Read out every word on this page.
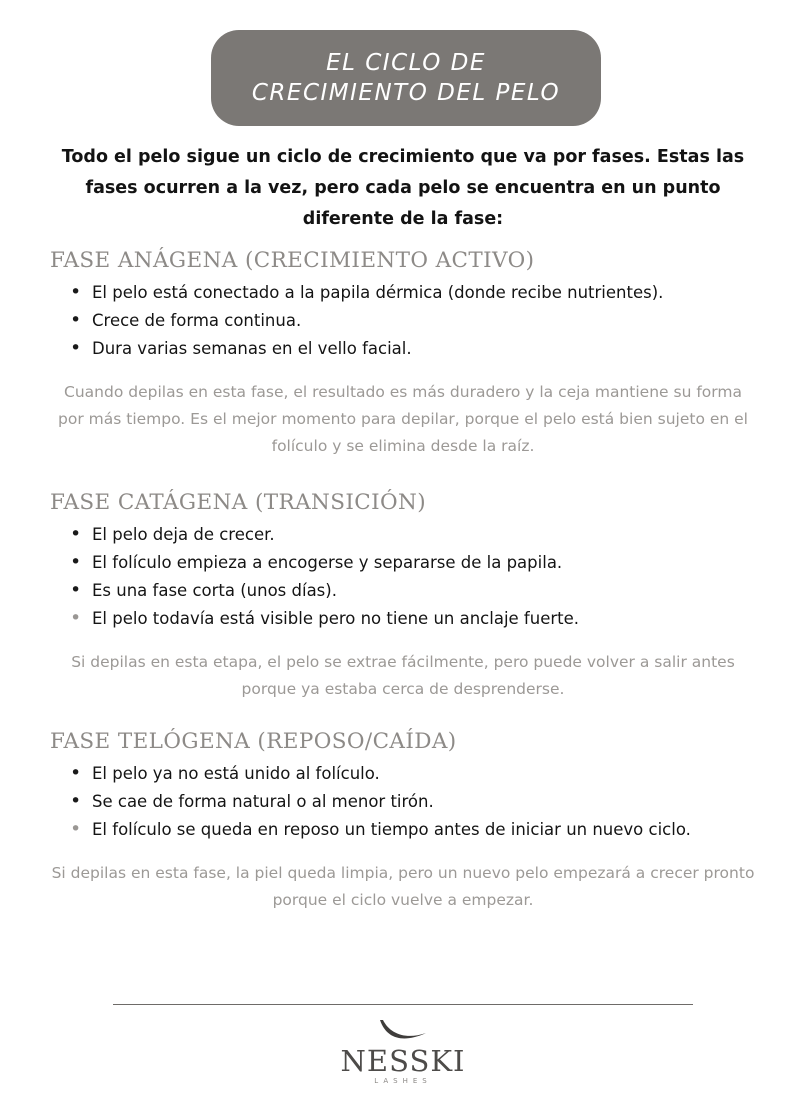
EL CICLO DE
CRECIMIENTO DEL PELO
Todo el pelo sigue un ciclo de crecimiento que va por fases. Estas las fases ocurren a la vez, pero cada pelo se encuentra en un punto diferente de la fase:
FASE ANÁGENA (CRECIMIENTO ACTIVO)
• El pelo está conectado a la papila dérmica (donde recibe nutrientes).
• Crece de forma continua.
• Dura varias semanas en el vello facial.
Cuando depilas en esta fase, el resultado es más duradero y la ceja mantiene su forma por más tiempo. Es el mejor momento para depilar, porque el pelo está bien sujeto en el folículo y se elimina desde la raíz.
FASE CATÁGENA (TRANSICIÓN)
• El pelo deja de crecer.
• El folículo empieza a encogerse y separarse de la papila.
• Es una fase corta (unos días).
• El pelo todavía está visible pero no tiene un anclaje fuerte.
Si depilas en esta etapa, el pelo se extrae fácilmente, pero puede volver a salir antes porque ya estaba cerca de desprenderse.
FASE TELÓGENA (REPOSO/CAÍDA)
• El pelo ya no está unido al folículo.
• Se cae de forma natural o al menor tirón.
• El folículo se queda en reposo un tiempo antes de iniciar un nuevo ciclo.
Si depilas en esta fase, la piel queda limpia, pero un nuevo pelo empezará a crecer pronto porque el ciclo vuelve a empezar.
NESSKI
LASHES
